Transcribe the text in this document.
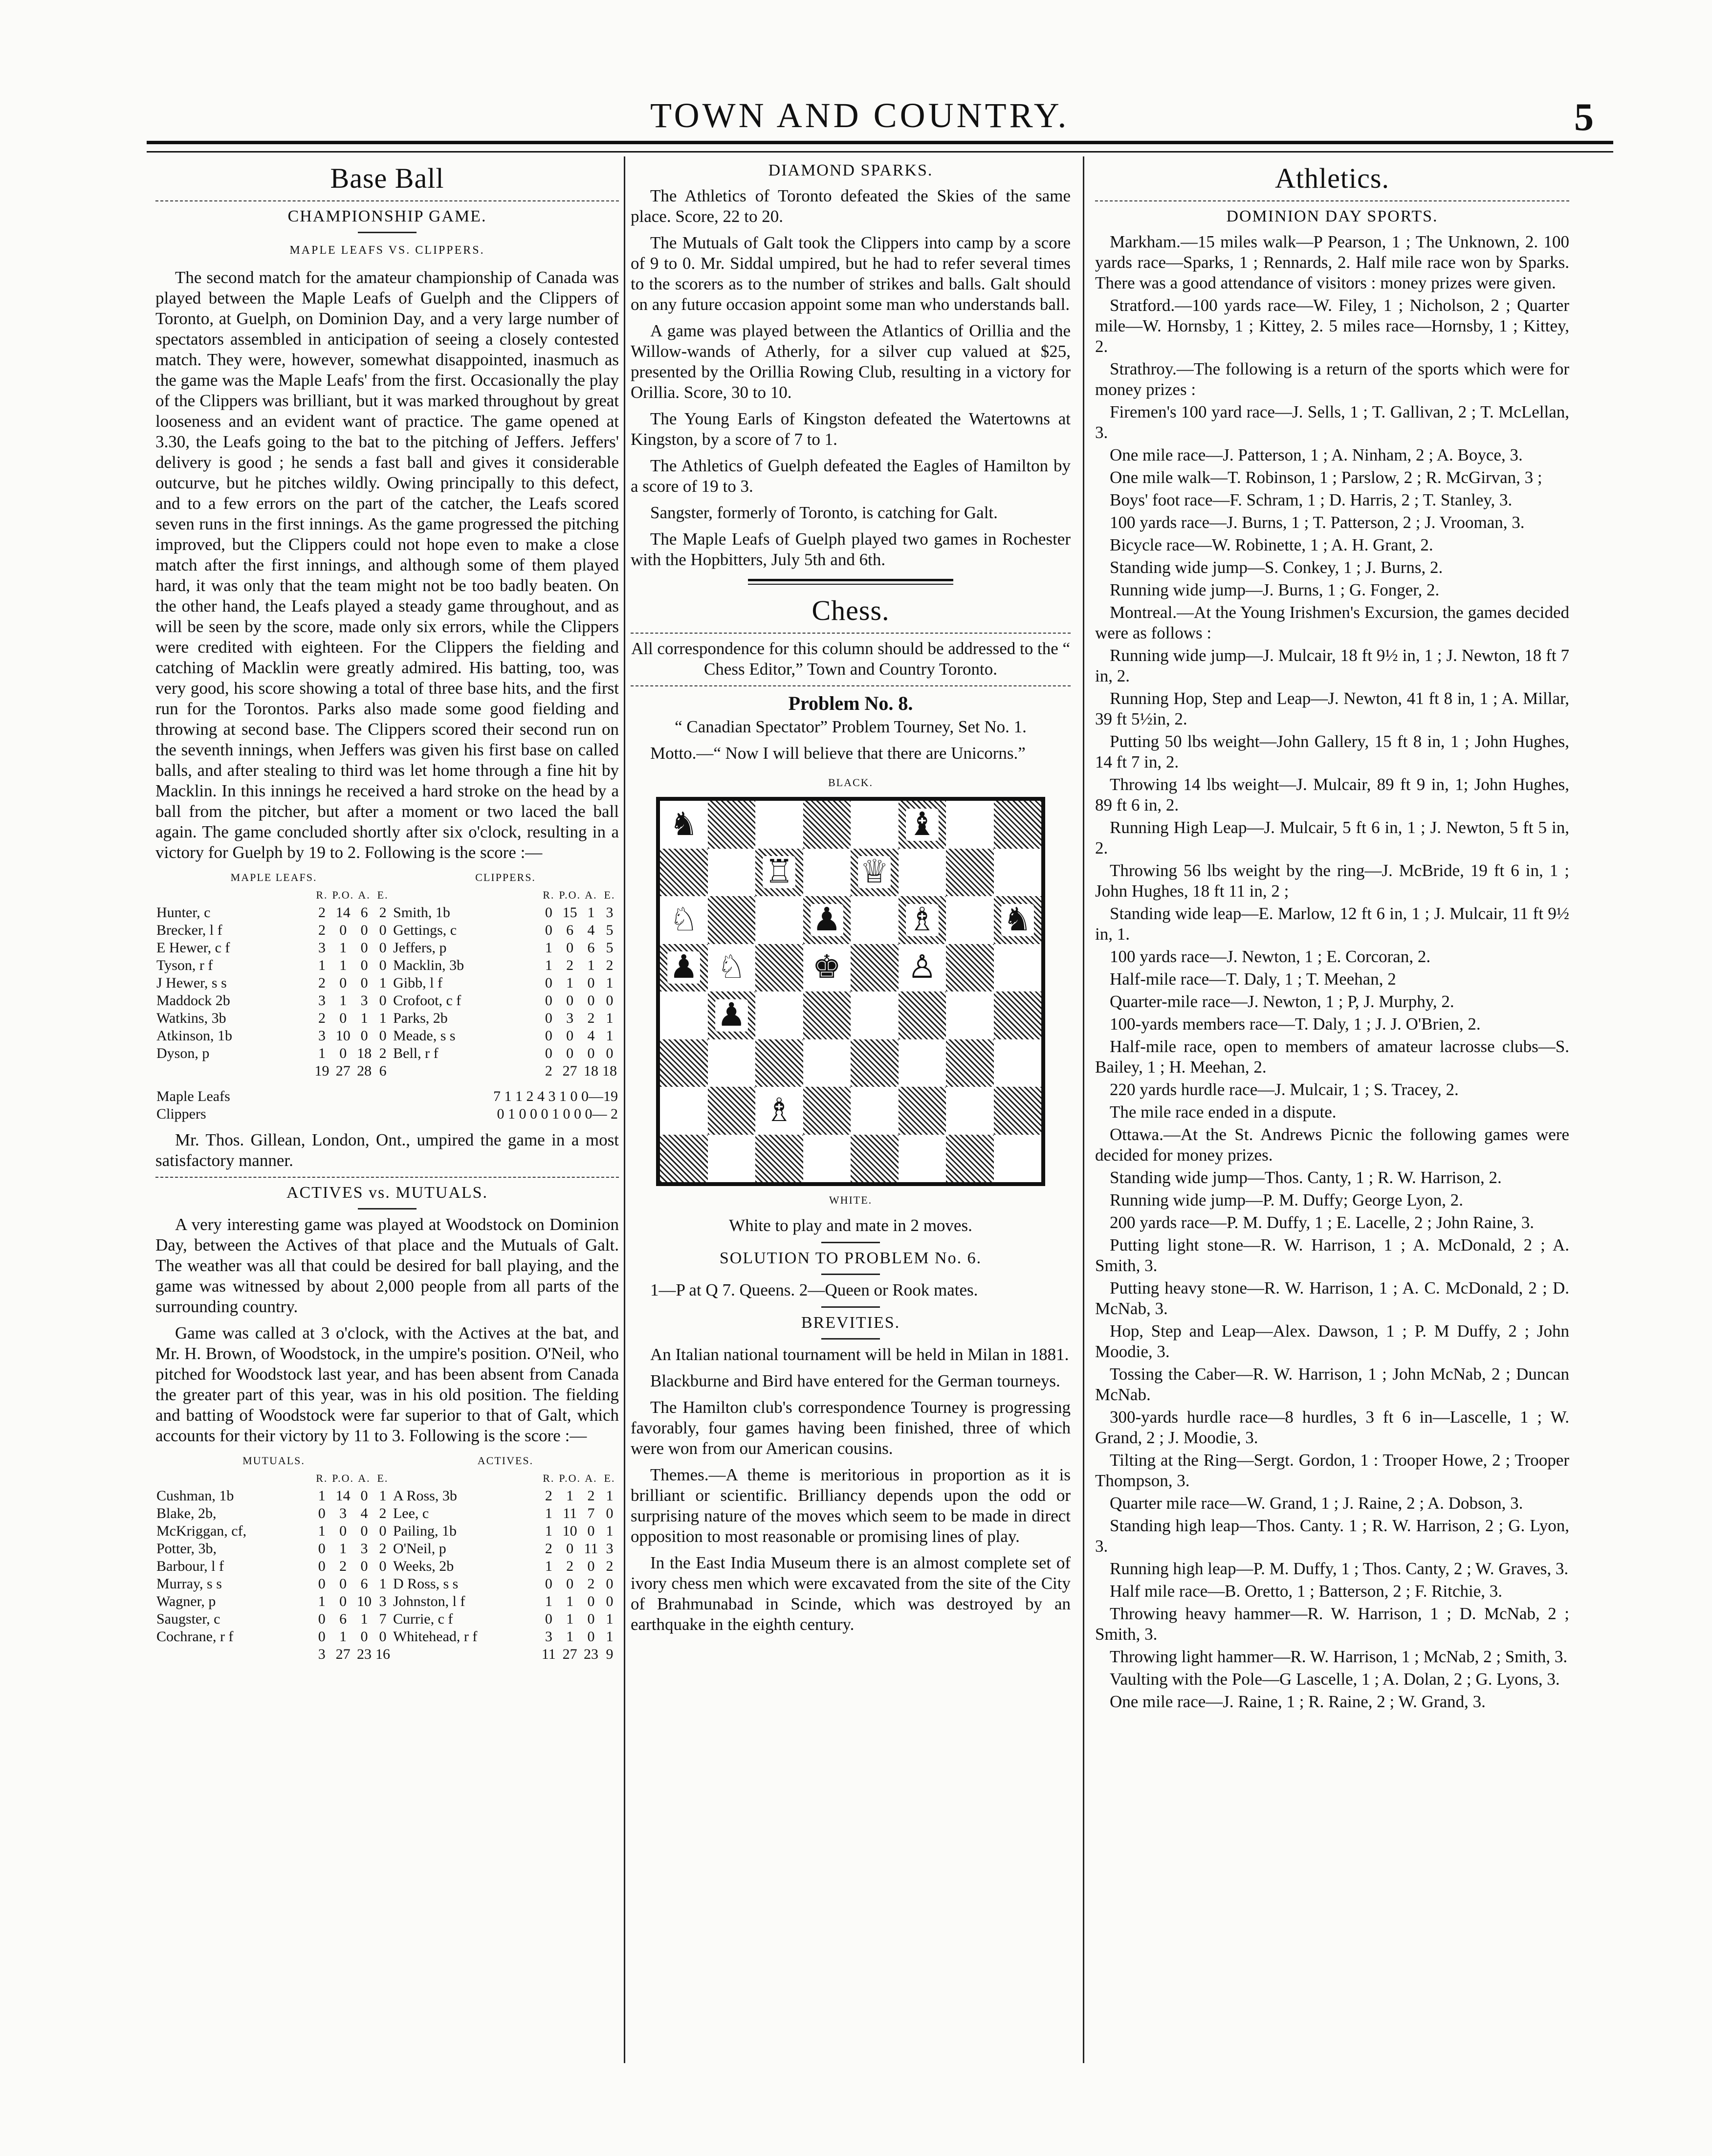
TOWN AND COUNTRY.	5
Base Ball
CHAMPIONSHIP GAME.
MAPLE LEAFS VS. CLIPPERS.

The second match for the amateur championship of Canada was played between the Maple Leafs of Guelph and the Clippers of Toronto, at Guelph, on Dominion Day, and a very large number of spectators assembled in anticipation of seeing a closely contested match. They were, however, somewhat disappointed, inasmuch as the game was the Maple Leafs' from the first. Occasionally the play of the Clippers was brilliant, but it was marked throughout by great looseness and an evident want of practice. The game opened at 3.30, the Leafs going to the bat to the pitching of Jeffers. Jeffers' delivery is good ; he sends a fast ball and gives it considerable outcurve, but he pitches wildly. Owing principally to this defect, and to a few errors on the part of the catcher, the Leafs scored seven runs in the first innings. As the game progressed the pitching improved, but the Clippers could not hope even to make a close match after the first innings, and although some of them played hard, it was only that the team might not be too badly beaten. On the other hand, the Leafs played a steady game throughout, and as will be seen by the score, made only six errors, while the Clippers were credited with eighteen. For the Clippers the fielding and catching of Macklin were greatly admired. His batting, too, was very good, his score showing a total of three base hits, and the first run for the Torontos. Parks also made some good fielding and throwing at second base. The Clippers scored their second run on the seventh innings, when Jeffers was given his first base on called balls, and after stealing to third was let home through a fine hit by Macklin. In this innings he received a hard stroke on the head by a ball from the pitcher, but after a moment or two laced the ball again. The game concluded shortly after six o'clock, resulting in a victory for Guelph by 19 to 2. Following is the score :—

MAPLE LEAFS.					CLIPPERS.				
	R.	P.O.	A.	E.		R.	P.O.	A.	E.
Hunter, c	2	14	6	2	Smith, 1b	0	15	1	3
Brecker, l f	2	0	0	0	Gettings, c	0	6	4	5
E Hewer, c f	3	1	0	0	Jeffers, p	1	0	6	5
Tyson, r f	1	1	0	0	Macklin, 3b	1	2	1	2
J Hewer, s s	2	0	0	1	Gibb, l f	0	1	0	1
Maddock 2b	3	1	3	0	Crofoot, c f	0	0	0	0
Watkins, 3b	2	0	1	1	Parks, 2b	0	3	2	1
Atkinson, 1b	3	10	0	0	Meade, s s	0	0	4	1
Dyson, p	1	0	18	2	Bell, r f	0	0	0	0
	19	27	28	6		2	27	18	18
Maple Leafs	7 1 1 2 4 3 1 0 0—19
Clippers	0 1 0 0 0 1 0 0 0— 2

Mr. Thos. Gillean, London, Ont., umpired the game in a most satisfactory manner.

ACTIVES vs. MUTUALS.

A very interesting game was played at Woodstock on Dominion Day, between the Actives of that place and the Mutuals of Galt. The weather was all that could be desired for ball playing, and the game was witnessed by about 2,000 people from all parts of the surrounding country.

Game was called at 3 o'clock, with the Actives at the bat, and Mr. H. Brown, of Woodstock, in the umpire's position. O'Neil, who pitched for Woodstock last year, and has been absent from Canada the greater part of this year, was in his old position. The fielding and batting of Woodstock were far superior to that of Galt, which accounts for their victory by 11 to 3. Following is the score :—

MUTUALS.					ACTIVES.				
	R.	P.O.	A.	E.		R.	P.O.	A.	E.
Cushman, 1b	1	14	0	1	A Ross, 3b	2	1	2	1
Blake, 2b,	0	3	4	2	Lee, c	1	11	7	0
McKriggan, cf,	1	0	0	0	Pailing, 1b	1	10	0	1
Potter, 3b,	0	1	3	2	O'Neil, p	2	0	11	3
Barbour, l f	0	2	0	0	Weeks, 2b	1	2	0	2
Murray, s s	0	0	6	1	D Ross, s s	0	0	2	0
Wagner, p	1	0	10	3	Johnston, l f	1	1	0	0
Saugster, c	0	6	1	7	Currie, c f	0	1	0	1
Cochrane, r f	0	1	0	0	Whitehead, r f	3	1	0	1
	3	27	23	16		11	27	23	9
DIAMOND SPARKS.

The Athletics of Toronto defeated the Skies of the same place. Score, 22 to 20.

The Mutuals of Galt took the Clippers into camp by a score of 9 to 0. Mr. Siddal umpired, but he had to refer several times to the scorers as to the number of strikes and balls. Galt should on any future occasion appoint some man who understands ball.

A game was played between the Atlantics of Orillia and the Willow-wands of Atherly, for a silver cup valued at $25, presented by the Orillia Rowing Club, resulting in a victory for Orillia. Score, 30 to 10.

The Young Earls of Kingston defeated the Watertowns at Kingston, by a score of 7 to 1.

The Athletics of Guelph defeated the Eagles of Hamilton by a score of 19 to 3.

Sangster, formerly of Toronto, is catching for Galt.

The Maple Leafs of Guelph played two games in Rochester with the Hopbitters, July 5th and 6th.

Chess.

All correspondence for this column should be addressed to the “ Chess Editor,” Town and Country Toronto.

Problem No. 8.

“ Canadian Spectator” Problem Tourney, Set No. 1.

Motto.—“ Now I will believe that there are Unicorns.”

BLACK.
♞	♝
♖ ♕
♘	♟ ♗ ♞
♟ ♘ ♚ ♙
♟
♗
WHITE.

White to play and mate in 2 moves.

SOLUTION TO PROBLEM No. 6.

1—P at Q 7. Queens. 2—Queen or Rook mates.

BREVITIES.

An Italian national tournament will be held in Milan in 1881.

Blackburne and Bird have entered for the German tourneys.

The Hamilton club's correspondence Tourney is progressing favorably, four games having been finished, three of which were won from our American cousins.

Themes.—A theme is meritorious in proportion as it is brilliant or scientific. Brilliancy depends upon the odd or surprising nature of the moves which seem to be made in direct opposition to most reasonable or promising lines of play.

In the East India Museum there is an almost complete set of ivory chess men which were excavated from the site of the City of Brahmunabad in Scinde, which was destroyed by an earthquake in the eighth century.

Athletics.
DOMINION DAY SPORTS.

Markham.—15 miles walk—P Pearson, 1 ; The Unknown, 2. 100 yards race—Sparks, 1 ; Rennards, 2. Half mile race won by Sparks. There was a good attendance of visitors : money prizes were given.

Stratford.—100 yards race—W. Filey, 1 ; Nicholson, 2 ; Quarter mile—W. Hornsby, 1 ; Kittey, 2. 5 miles race—Hornsby, 1 ; Kittey, 2.

Strathroy.—The following is a return of the sports which were for money prizes :

Firemen's 100 yard race—J. Sells, 1 ; T. Gallivan, 2 ; T. McLellan, 3.

One mile race—J. Patterson, 1 ; A. Ninham, 2 ; A. Boyce, 3.

One mile walk—T. Robinson, 1 ; Parslow, 2 ; R. McGirvan, 3 ;

Boys' foot race—F. Schram, 1 ; D. Harris, 2 ; T. Stanley, 3.

100 yards race—J. Burns, 1 ; T. Patterson, 2 ; J. Vrooman, 3.

Bicycle race—W. Robinette, 1 ; A. H. Grant, 2.

Standing wide jump—S. Conkey, 1 ; J. Burns, 2.

Running wide jump—J. Burns, 1 ; G. Fonger, 2.

Montreal.—At the Young Irishmen's Excursion, the games decided were as follows :

Running wide jump—J. Mulcair, 18 ft 9½ in, 1 ; J. Newton, 18 ft 7 in, 2.

Running Hop, Step and Leap—J. Newton, 41 ft 8 in, 1 ; A. Millar, 39 ft 5½in, 2.

Putting 50 lbs weight—John Gallery, 15 ft 8 in, 1 ; John Hughes, 14 ft 7 in, 2.

Throwing 14 lbs weight—J. Mulcair, 89 ft 9 in, 1; John Hughes, 89 ft 6 in, 2.

Running High Leap—J. Mulcair, 5 ft 6 in, 1 ; J. Newton, 5 ft 5 in, 2.

Throwing 56 lbs weight by the ring—J. McBride, 19 ft 6 in, 1 ; John Hughes, 18 ft 11 in, 2 ;

Standing wide leap—E. Marlow, 12 ft 6 in, 1 ; J. Mulcair, 11 ft 9½ in, 1.

100 yards race—J. Newton, 1 ; E. Corcoran, 2.

Half-mile race—T. Daly, 1 ; T. Meehan, 2

Quarter-mile race—J. Newton, 1 ; P, J. Murphy, 2.

100-yards members race—T. Daly, 1 ; J. J. O'Brien, 2.

Half-mile race, open to members of amateur lacrosse clubs—S. Bailey, 1 ; H. Meehan, 2.

220 yards hurdle race—J. Mulcair, 1 ; S. Tracey, 2.

The mile race ended in a dispute.

Ottawa.—At the St. Andrews Picnic the following games were decided for money prizes.

Standing wide jump—Thos. Canty, 1 ; R. W. Harrison, 2.

Running wide jump—P. M. Duffy; George Lyon, 2.

200 yards race—P. M. Duffy, 1 ; E. Lacelle, 2 ; John Raine, 3.

Putting light stone—R. W. Harrison, 1 ; A. McDonald, 2 ; A. Smith, 3.

Putting heavy stone—R. W. Harrison, 1 ; A. C. McDonald, 2 ; D. McNab, 3.

Hop, Step and Leap—Alex. Dawson, 1 ; P. M Duffy, 2 ; John Moodie, 3.

Tossing the Caber—R. W. Harrison, 1 ; John McNab, 2 ; Duncan McNab.

300-yards hurdle race—8 hurdles, 3 ft 6 in—Lascelle, 1 ; W. Grand, 2 ; J. Moodie, 3.

Tilting at the Ring—Sergt. Gordon, 1 : Trooper Howe, 2 ; Trooper Thompson, 3.

Quarter mile race—W. Grand, 1 ; J. Raine, 2 ; A. Dobson, 3.

Standing high leap—Thos. Canty. 1 ; R. W. Harrison, 2 ; G. Lyon, 3.

Running high leap—P. M. Duffy, 1 ; Thos. Canty, 2 ; W. Graves, 3.

Half mile race—B. Oretto, 1 ; Batterson, 2 ; F. Ritchie, 3.

Throwing heavy hammer—R. W. Harrison, 1 ; D. McNab, 2 ; Smith, 3.

Throwing light hammer—R. W. Harrison, 1 ; McNab, 2 ; Smith, 3.

Vaulting with the Pole—G Lascelle, 1 ; A. Dolan, 2 ; G. Lyons, 3.

One mile race—J. Raine, 1 ; R. Raine, 2 ; W. Grand, 3.
